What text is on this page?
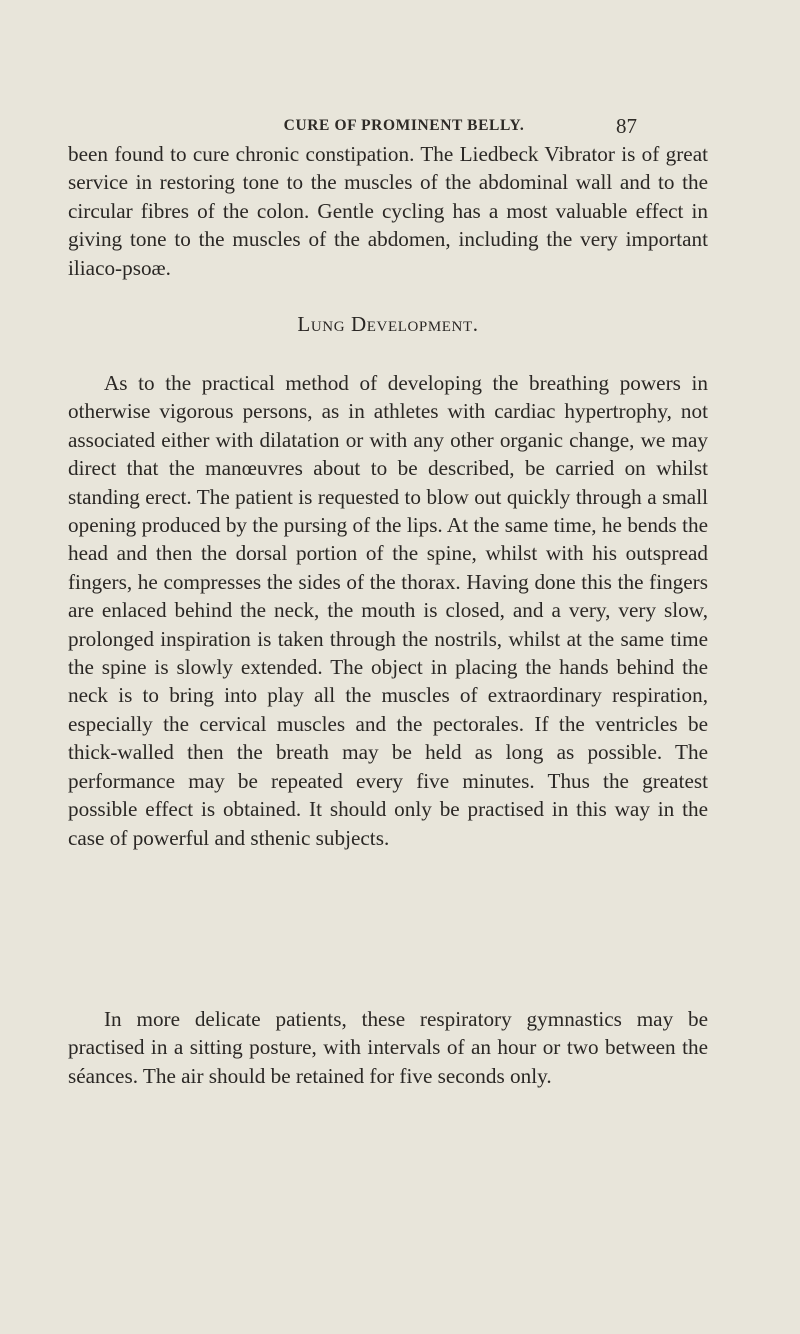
CURE OF PROMINENT BELLY.	87

been found to cure chronic constipation. The Liedbeck Vibrator is of great service in restoring tone to the muscles of the abdominal wall and to the circular fibres of the colon. Gentle cycling has a most valuable effect in giving tone to the muscles of the abdomen, including the very important iliaco-psoæ.

Lung Development.

As to the practical method of developing the breathing powers in otherwise vigorous persons, as in athletes with cardiac hypertrophy, not associated either with dilatation or with any other organic change, we may direct that the manœuvres about to be described, be carried on whilst standing erect. The patient is requested to blow out quickly through a small opening produced by the pursing of the lips. At the same time, he bends the head and then the dorsal portion of the spine, whilst with his outspread fingers, he compresses the sides of the thorax. Having done this the fingers are enlaced behind the neck, the mouth is closed, and a very, very slow, prolonged inspiration is taken through the nostrils, whilst at the same time the spine is slowly extended. The object in placing the hands behind the neck is to bring into play all the muscles of extraordinary respiration, especially the cervical muscles and the pectorales. If the ventricles be thick-walled then the breath may be held as long as possible. The performance may be repeated every five minutes. Thus the greatest possible effect is obtained. It should only be practised in this way in the case of powerful and sthenic subjects.

In more delicate patients, these respiratory gymnastics may be practised in a sitting posture, with intervals of an hour or two between the séances. The air should be retained for five seconds only.
